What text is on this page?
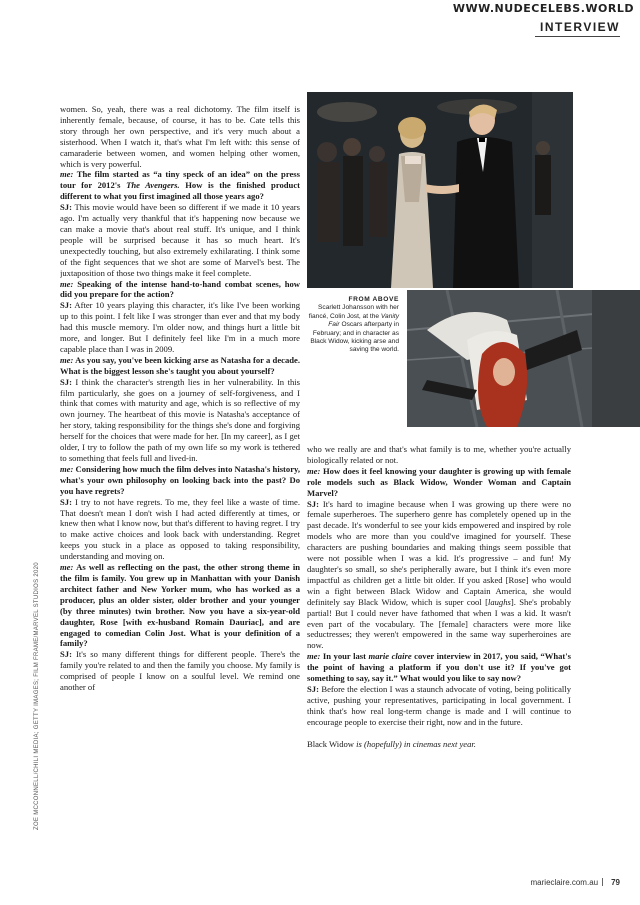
WWW.NUDECELEBS.WORLD
INTERVIEW
ZOE MCCONNELL/CHILI MEDIA; GETTY IMAGES; FILM FRAME/MARVEL STUDIOS 2020
FROM ABOVE
Scarlett Johansson with her fiancé, Colin Jost, at the Vanity Fair Oscars afterparty in February; and in character as Black Widow, kicking arse and saving the world.

women. So, yeah, there was a real dichotomy. The film itself is inherently female, because, of course, it has to be. Cate tells this story through her own perspective, and it's very much about a sisterhood. When I watch it, that's what I'm left with: this sense of camaraderie between women, and women helping other women, which is very powerful.

me: The film started as “a tiny speck of an idea” on the press tour for 2012's The Avengers. How is the finished product different to what you first imagined all those years ago?

SJ: This movie would have been so different if we made it 10 years ago. I'm actually very thankful that it's happening now because we can make a movie that's about real stuff. It's unique, and I think people will be surprised because it has so much heart. It's unexpectedly touching, but also extremely exhilarating. I think some of the fight sequences that we shot are some of Marvel's best. The juxtaposition of those two things make it feel complete.

me: Speaking of the intense hand-to-hand combat scenes, how did you prepare for the action?

SJ: After 10 years playing this character, it's like I've been working up to this point. I felt like I was stronger than ever and that my body had this muscle memory. I'm older now, and things hurt a little bit more, and longer. But I definitely feel like I'm in a much more capable place than I was in 2009.

me: As you say, you've been kicking arse as Natasha for a decade. What is the biggest lesson she's taught you about yourself?

SJ: I think the character's strength lies in her vulnerability. In this film particularly, she goes on a journey of self-forgiveness, and I think that comes with maturity and age, which is so reflective of my own journey. The heartbeat of this movie is Natasha's acceptance of her story, taking responsibility for the things she's done and forgiving herself for the choices that were made for her. [In my career], as I get older, I try to follow the path of my own life so my work is tethered to something that feels full and lived-in.

me: Considering how much the film delves into Natasha's history, what's your own philosophy on looking back into the past? Do you have regrets?

SJ: I try to not have regrets. To me, they feel like a waste of time. That doesn't mean I don't wish I had acted differently at times, or knew then what I know now, but that's different to having regret. I try to make active choices and look back with understanding. Regret keeps you stuck in a place as opposed to taking responsibility, understanding and moving on.

me: As well as reflecting on the past, the other strong theme in the film is family. You grew up in Manhattan with your Danish architect father and New Yorker mum, who has worked as a producer, plus an older sister, older brother and your younger (by three minutes) twin brother. Now you have a six-year-old daughter, Rose [with ex-husband Romain Dauriac], and are engaged to comedian Colin Jost. What is your definition of a family?

SJ: It's so many different things for different people. There's the family you're related to and then the family you choose. My family is comprised of people I know on a soulful level. We remind one another of

who we really are and that's what family is to me, whether you're actually biologically related or not.

me: How does it feel knowing your daughter is growing up with female role models such as Black Widow, Wonder Woman and Captain Marvel?

SJ: It's hard to imagine because when I was growing up there were no female superheroes. The superhero genre has completely opened up in the past decade. It's wonderful to see your kids empowered and inspired by role models who are more than you could've imagined for yourself. These characters are pushing boundaries and making things seem possible that were not possible when I was a kid. It's progressive – and fun! My daughter's so small, so she's peripherally aware, but I think it's even more impactful as children get a little bit older. If you asked [Rose] who would win a fight between Black Widow and Captain America, she would definitely say Black Widow, which is super cool [laughs]. She's probably partial! But I could never have fathomed that when I was a kid. It wasn't even part of the vocabulary. The [female] characters were more like seductresses; they weren't empowered in the same way superheroines are now.

me: In your last marie claire cover interview in 2017, you said, “What's the point of having a platform if you don't use it? If you've got something to say, say it.” What would you like to say now?

SJ: Before the election I was a staunch advocate of voting, being politically active, pushing your representatives, participating in local government. I think that's how real long-term change is made and I will continue to encourage people to exercise their right, now and in the future.

Black Widow is (hopefully) in cinemas next year.

marieclaire.com.au 79
